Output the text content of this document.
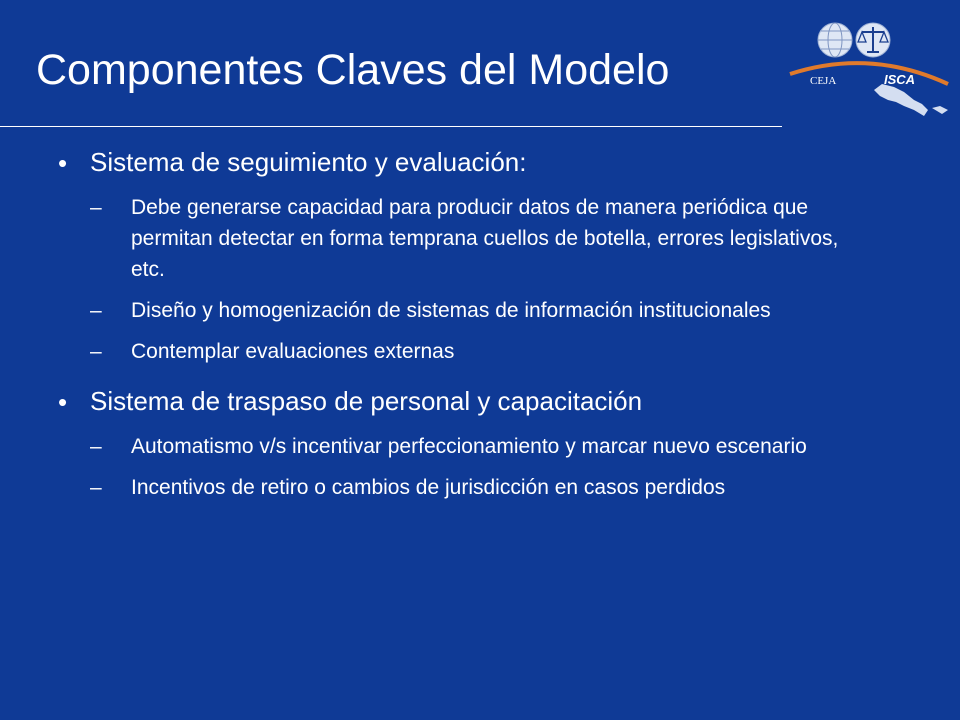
Componentes Claves del Modelo	CEJA	ISCA
• Sistema de seguimiento y evaluación:
– Debe generarse capacidad para producir datos de manera periódica que permitan detectar en forma temprana cuellos de botella, errores legislativos, etc.
– Diseño y homogenización de sistemas de información institucionales
– Contemplar evaluaciones externas
• Sistema de traspaso de personal y capacitación
– Automatismo v/s incentivar perfeccionamiento y marcar nuevo escenario
– Incentivos de retiro o cambios de jurisdicción en casos perdidos
